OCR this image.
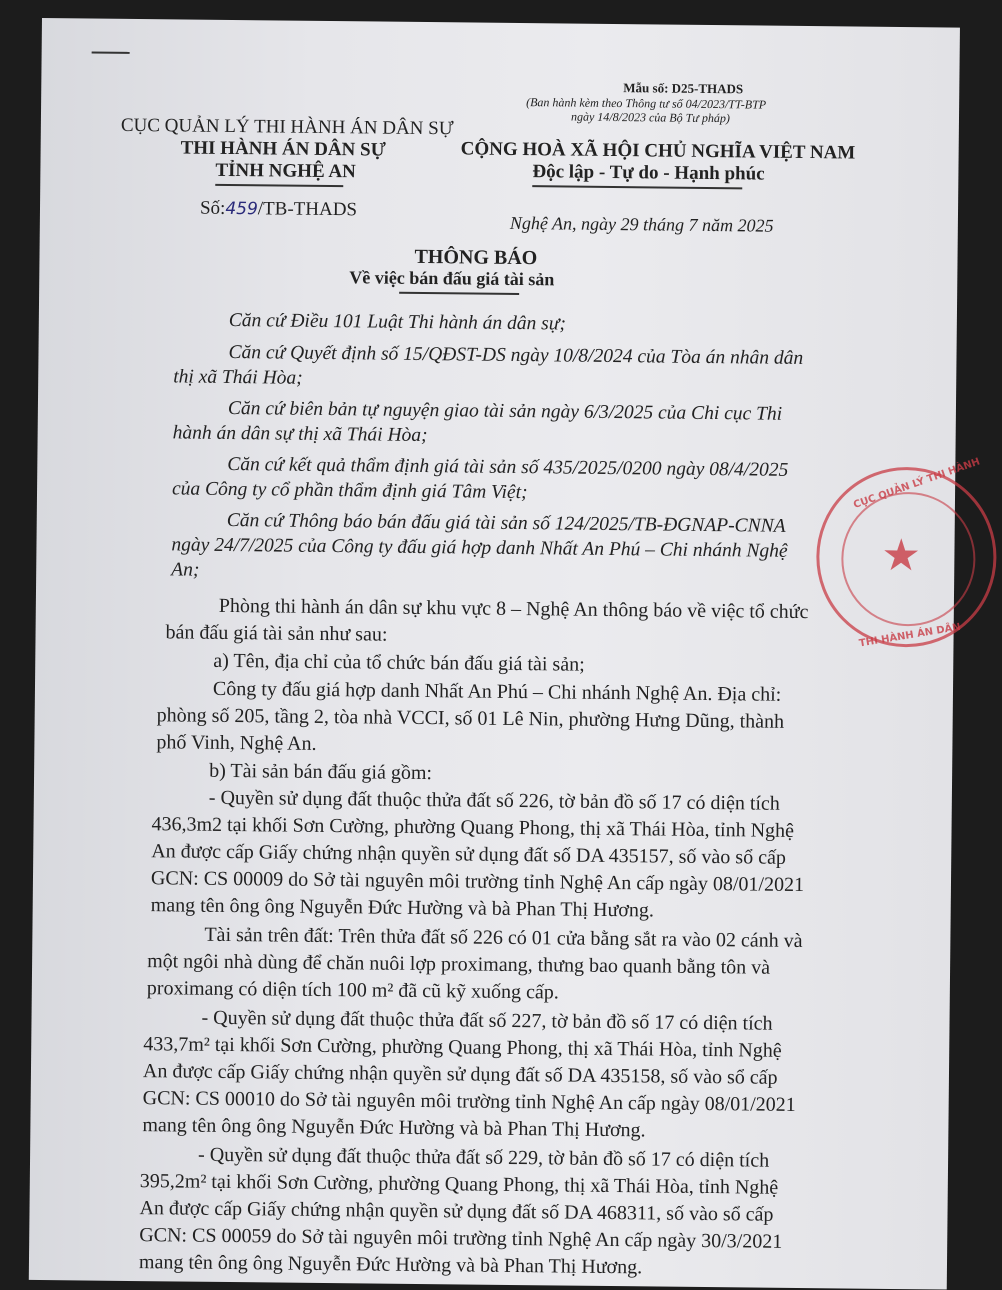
Mẫu số: D25-THADS
(Ban hành kèm theo Thông tư số 04/2023/TT-BTP
ngày 14/8/2023 của Bộ Tư pháp)
CỤC QUẢN LÝ THI HÀNH ÁN DÂN SỰ
THI HÀNH ÁN DÂN SỰ
TỈNH NGHỆ AN
CỘNG HOÀ XÃ HỘI CHỦ NGHĨA VIỆT NAM
Độc lập - Tự do - Hạnh phúc
Số:459/TB-THADS
Nghệ An, ngày 29 tháng 7 năm 2025
THÔNG BÁO
Về việc bán đấu giá tài sản
Căn cứ Điều 101 Luật Thi hành án dân sự;
Căn cứ Quyết định số 15/QĐST-DS ngày 10/8/2024 của Tòa án nhân dân
thị xã Thái Hòa;
Căn cứ biên bản tự nguyện giao tài sản ngày 6/3/2025 của Chi cục Thi
hành án dân sự thị xã Thái Hòa;
Căn cứ kết quả thẩm định giá tài sản số 435/2025/0200 ngày 08/4/2025
của Công ty cổ phần thẩm định giá Tâm Việt;
Căn cứ Thông báo bán đấu giá tài sản số 124/2025/TB-ĐGNAP-CNNA
ngày 24/7/2025 của Công ty đấu giá hợp danh Nhất An Phú – Chi nhánh Nghệ
An;
Phòng thi hành án dân sự khu vực 8 – Nghệ An thông báo về việc tổ chức
bán đấu giá tài sản như sau:
a) Tên, địa chỉ của tổ chức bán đấu giá tài sản;
Công ty đấu giá hợp danh Nhất An Phú – Chi nhánh Nghệ An. Địa chỉ:
phòng số 205, tầng 2, tòa nhà VCCI, số 01 Lê Nin, phường Hưng Dũng, thành
phố Vinh, Nghệ An.
b) Tài sản bán đấu giá gồm:
- Quyền sử dụng đất thuộc thửa đất số 226, tờ bản đồ số 17 có diện tích
436,3m2 tại khối Sơn Cường, phường Quang Phong, thị xã Thái Hòa, tỉnh Nghệ
An được cấp Giấy chứng nhận quyền sử dụng đất số DA 435157, số vào sổ cấp
GCN: CS 00009 do Sở tài nguyên môi trường tỉnh Nghệ An cấp ngày 08/01/2021
mang tên ông ông Nguyễn Đức Hường và bà Phan Thị Hương.
Tài sản trên đất: Trên thửa đất số 226 có 01 cửa bằng sắt ra vào 02 cánh và
một ngôi nhà dùng để chăn nuôi lợp proximang, thưng bao quanh bằng tôn và
proximang có diện tích 100 m² đã cũ kỹ xuống cấp.
- Quyền sử dụng đất thuộc thửa đất số 227, tờ bản đồ số 17 có diện tích
433,7m² tại khối Sơn Cường, phường Quang Phong, thị xã Thái Hòa, tỉnh Nghệ
An được cấp Giấy chứng nhận quyền sử dụng đất số DA 435158, số vào sổ cấp
GCN: CS 00010 do Sở tài nguyên môi trường tỉnh Nghệ An cấp ngày 08/01/2021
mang tên ông ông Nguyễn Đức Hường và bà Phan Thị Hương.
- Quyền sử dụng đất thuộc thửa đất số 229, tờ bản đồ số 17 có diện tích
395,2m² tại khối Sơn Cường, phường Quang Phong, thị xã Thái Hòa, tỉnh Nghệ
An được cấp Giấy chứng nhận quyền sử dụng đất số DA 468311, số vào sổ cấp
GCN: CS 00059 do Sở tài nguyên môi trường tỉnh Nghệ An cấp ngày 30/3/2021
mang tên ông ông Nguyễn Đức Hường và bà Phan Thị Hương.
★
CỤC QUẢN LÝ THI HÀNH
THI HÀNH ÁN DÂN
